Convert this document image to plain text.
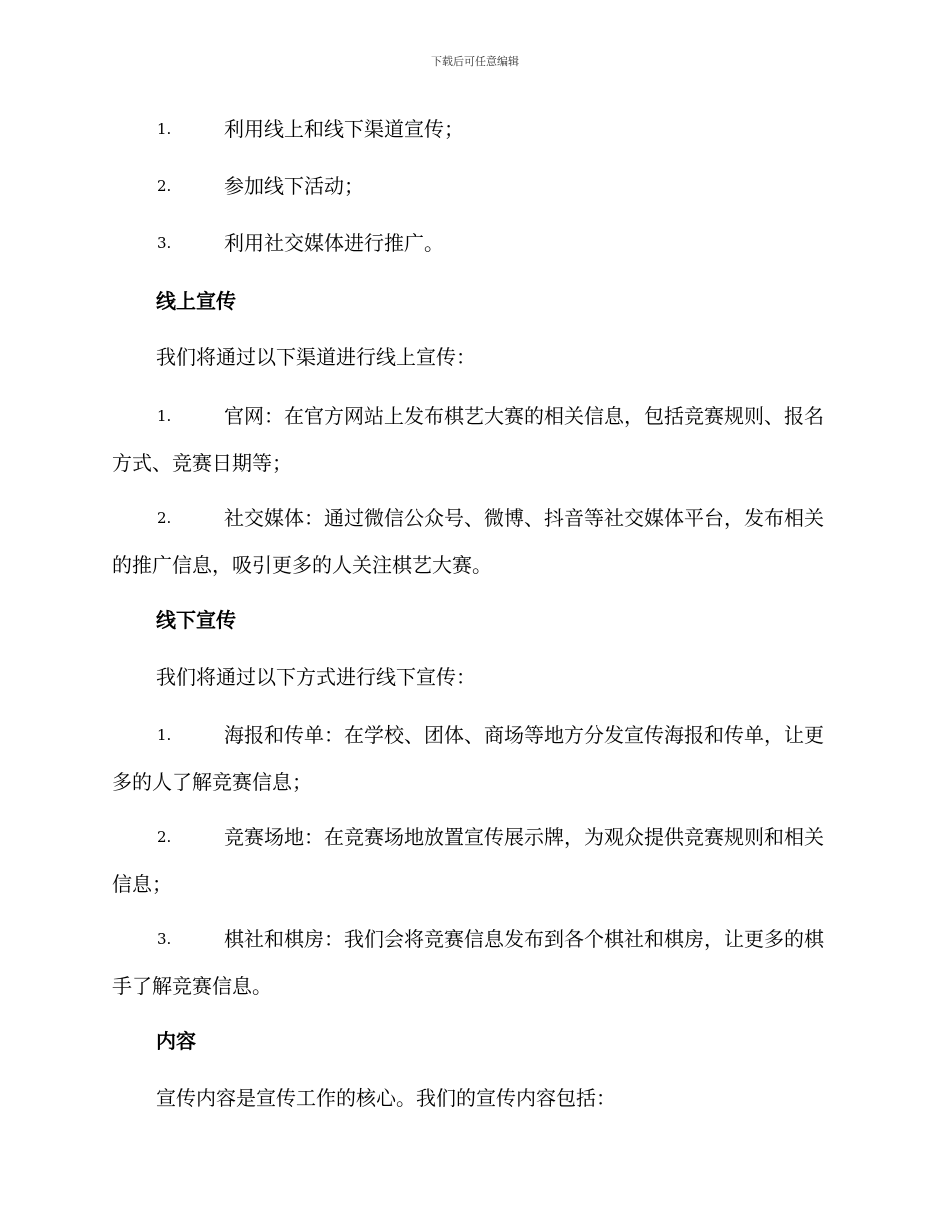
下载后可任意编辑
1.	利用线上和线下渠道宣传；
2.	参加线下活动；
3.	利用社交媒体进行推广。
线上宣传
我们将通过以下渠道进行线上宣传：
1.	官网：在官方网站上发布棋艺大赛的相关信息，包括竞赛规则、报名方式、竞赛日期等；
2.	社交媒体：通过微信公众号、微博、抖音等社交媒体平台，发布相关的推广信息，吸引更多的人关注棋艺大赛。
线下宣传
我们将通过以下方式进行线下宣传：
1.	海报和传单：在学校、团体、商场等地方分发宣传海报和传单，让更多的人了解竞赛信息；
2.	竞赛场地：在竞赛场地放置宣传展示牌，为观众提供竞赛规则和相关信息；
3.	棋社和棋房：我们会将竞赛信息发布到各个棋社和棋房，让更多的棋手了解竞赛信息。
内容
宣传内容是宣传工作的核心。我们的宣传内容包括：
